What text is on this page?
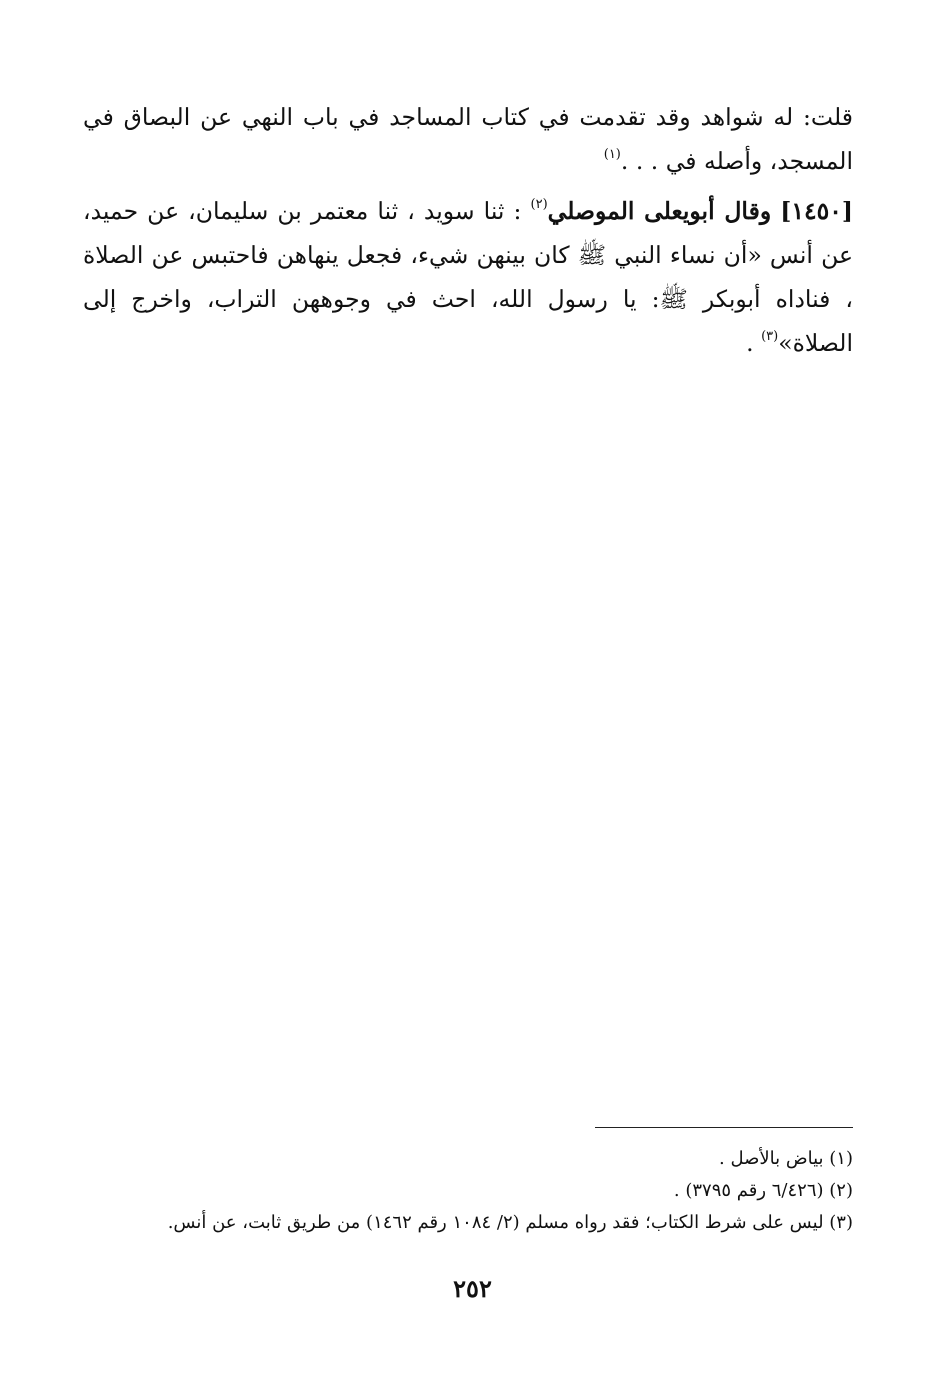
قلت: له شواهد وقد تقدمت في كتاب المساجد في باب النهي عن البصاق في المسجد، وأصله في . . .$^{(١)}$

[١٤٥٠] وقال أبويعلى الموصلي$^{(٢)}$ : ثنا سويد ، ثنا معتمر بن سليمان، عن حميد، عن أنس «أن نساء النبي ﷺ كان بينهن شيء، فجعل ينهاهن فاحتبس عن الصلاة ، فناداه أبوبكر ﷺ: يا رسول الله، احث في وجوههن التراب، واخرج إلى الصلاة»$^{(٣)}$ .

(١) بياض بالأصل .

(٢) (٦/٤٢٦ رقم ٣٧٩٥) .

(٣) ليس على شرط الكتاب؛ فقد رواه مسلم (٢/ ١٠٨٤ رقم ١٤٦٢) من طريق ثابت، عن أنس.

٢٥٢
